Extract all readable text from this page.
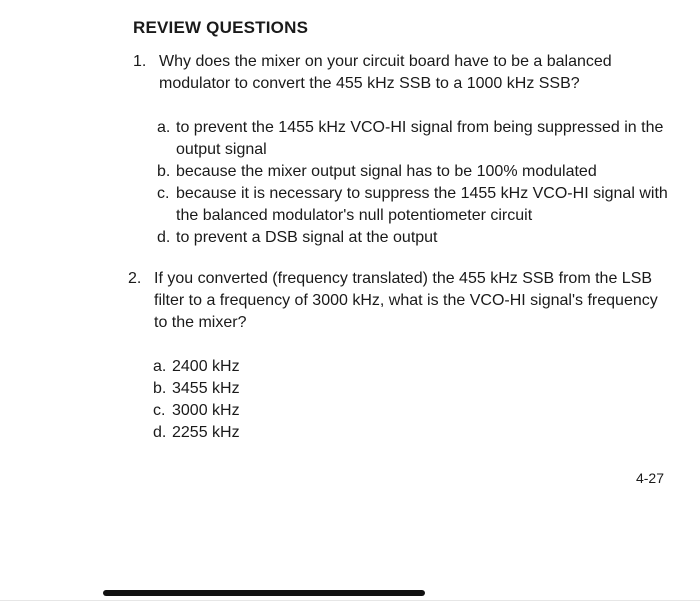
REVIEW QUESTIONS
1. Why does the mixer on your circuit board have to be a balanced modulator to convert the 455 kHz SSB to a 1000 kHz SSB?
a. to prevent the 1455 kHz VCO-HI signal from being suppressed in the output signal
b. because the mixer output signal has to be 100% modulated
c. because it is necessary to suppress the 1455 kHz VCO-HI signal with the balanced modulator's null potentiometer circuit
d. to prevent a DSB signal at the output
2. If you converted (frequency translated) the 455 kHz SSB from the LSB filter to a frequency of 3000 kHz, what is the VCO-HI signal's frequency to the mixer?
a. 2400 kHz
b. 3455 kHz
c. 3000 kHz
d. 2255 kHz
4-27
